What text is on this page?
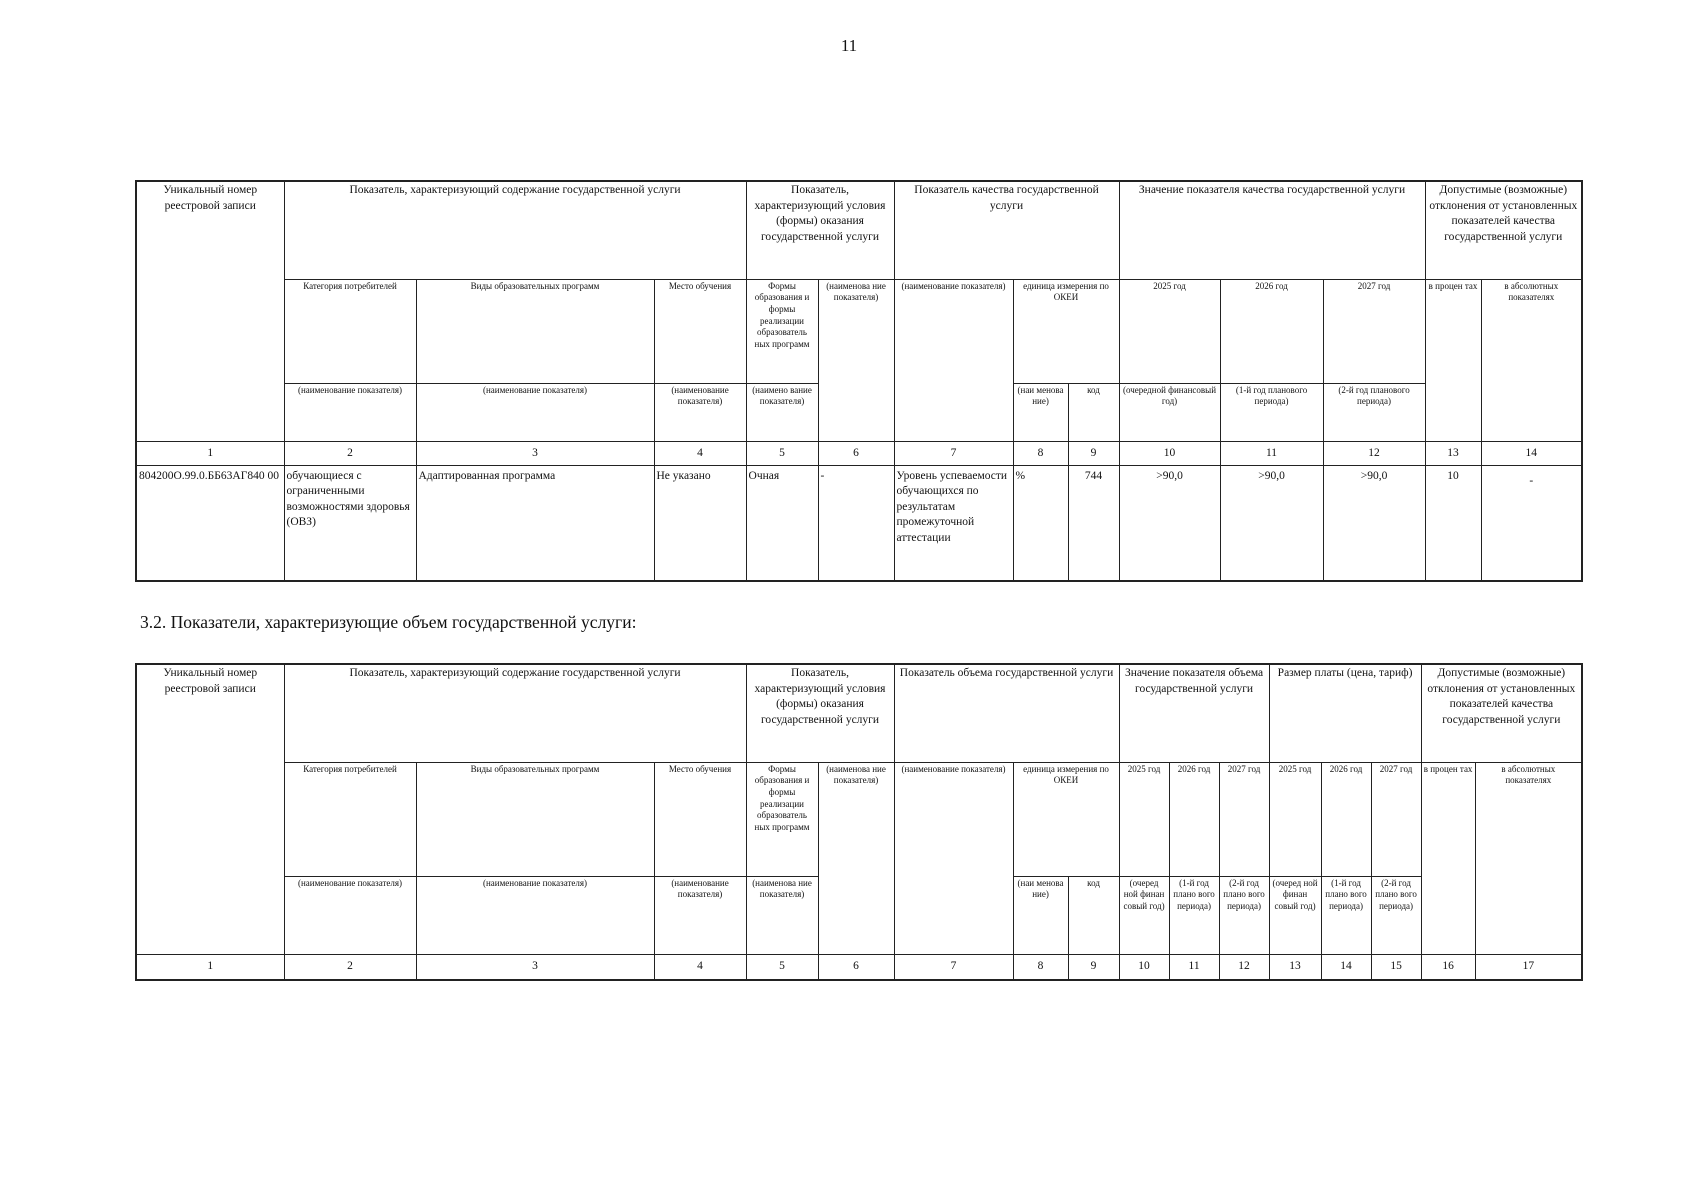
11
Уникальный номер реестровой записи	Показатель, характеризующий содержание государственной услуги			Показатель, характеризующий условия (формы) оказания государственной услуги		Показатель качества государственной услуги			Значение показателя качества государственной услуги			Допустимые (возможные) отклонения от установленных показателей качества государственной услуги	
	Категория потребителей	Виды образовательных программ	Место обучения	Формы образования и формы реализации образователь ных программ	(наименова ние показателя)	(наименование показателя)	единица измерения по ОКЕИ		2025 год	2026 год	2027 год	в процен тах	в абсолютных показателях
	(наименование показателя)	(наименование показателя)	(наименование показателя)	(наимено вание показателя)			(наи менова ние)	код	(очередной финансовый год)	(1-й год планового периода)	(2-й год планового периода)		
1	2	3	4	5	6	7	8	9	10	11	12	13	14
804200О.99.0.ББ63АГ840 00	обучающиеся с ограниченными возможностями здоровья (ОВЗ)	Адаптированная программа	Не указано	Очная	-	Уровень успеваемости обучающихся по результатам промежуточной аттестации	%	744	>90,0	>90,0	>90,0	10	-
3.2. Показатели, характеризующие объем государственной услуги:
Уникальный номер реестровой записи	Показатель, характеризующий содержание государственной услуги			Показатель, характеризующий условия (формы) оказания государственной услуги		Показатель объема государственной услуги			Значение показателя объема государственной услуги			Размер платы (цена, тариф)			Допустимые (возможные) отклонения от установленных показателей качества государственной услуги	
	Категория потребителей	Виды образовательных программ	Место обучения	Формы образования и формы реализации образователь ных программ	(наименова ние показателя)	(наименование показателя)	единица измерения по ОКЕИ		2025 год	2026 год	2027 год	2025 год	2026 год	2027 год	в процен тах	в абсолютных показателях
	(наименование показателя)	(наименование показателя)	(наименование показателя)	(наименова ние показателя)			(наи менова ние)	код	(очеред ной финан совый год)	(1-й год плано вого периода)	(2-й год плано вого периода)	(очеред ной финан совый год)	(1-й год плано вого периода)	(2-й год плано вого периода)		
1	2	3	4	5	6	7	8	9	10	11	12	13	14	15	16	17
